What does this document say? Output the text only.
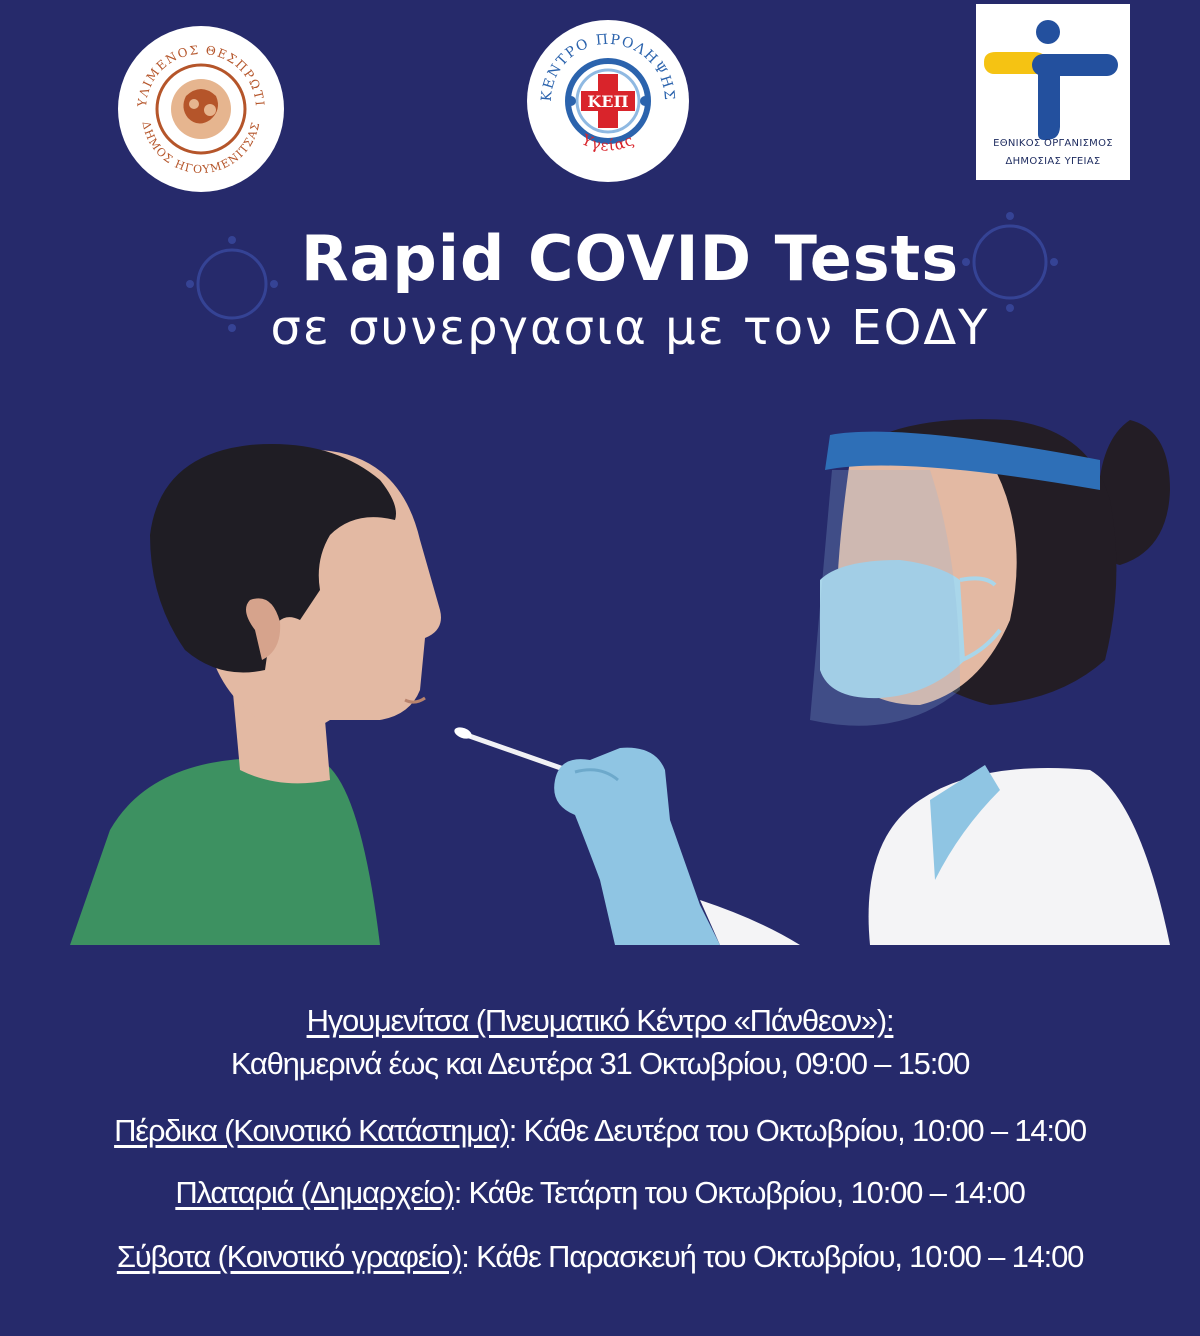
ΥΛΙΜΕΝΟΣ ΘΕΣΠΡΩΤΙ
ΔΗΜΟΣ ΗΓΟΥΜΕΝΙΤΣΑΣ
ΚΕΠ
ΚΕΝΤΡΟ ΠΡΟΛΗΨΗΣ
Υγείας	ΕΘΝΙΚΟΣ ΟΡΓΑΝΙΣΜΟΣ
ΔΗΜΟΣΙΑΣ ΥΓΕΙΑΣ
Rapid COVID Tests
σε συνεργασια με τον ΕΟΔΥ
Ηγουμενίτσα (Πνευματικό Κέντρο «Πάνθεον»):
Καθημερινά έως και Δευτέρα 31 Οκτωβρίου, 09:00 – 15:00
Πέρδικα (Κοινοτικό Κατάστημα): Κάθε Δευτέρα του Οκτωβρίου, 10:00 – 14:00
Πλαταριά (Δημαρχείο): Κάθε Τετάρτη του Οκτωβρίου, 10:00 – 14:00
Σύβοτα (Κοινοτικό γραφείο): Κάθε Παρασκευή του Οκτωβρίου, 10:00 – 14:00
